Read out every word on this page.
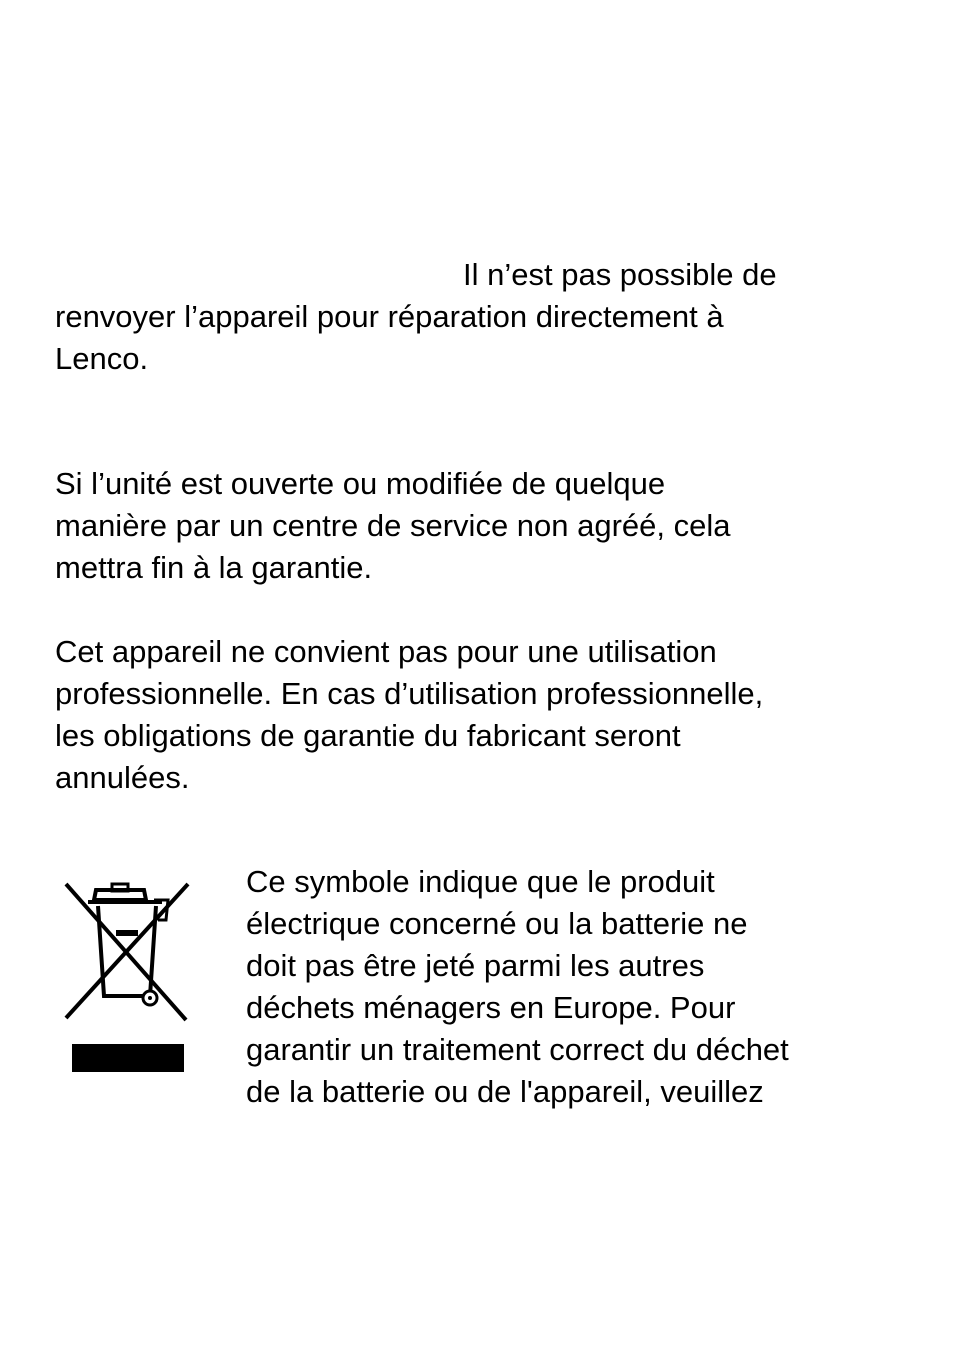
Il n’est pas possible de
renvoyer l’appareil pour réparation directement à
Lenco.
Si l’unité est ouverte ou modifiée de quelque
manière par un centre de service non agréé, cela
mettra fin à la garantie.
Cet appareil ne convient pas pour une utilisation
professionnelle. En cas d’utilisation professionnelle,
les obligations de garantie du fabricant seront
annulées.
Ce symbole indique que le produit
électrique concerné ou la batterie ne
doit pas être jeté parmi les autres
déchets ménagers en Europe. Pour
garantir un traitement correct du déchet
de la batterie ou de l'appareil, veuillez
